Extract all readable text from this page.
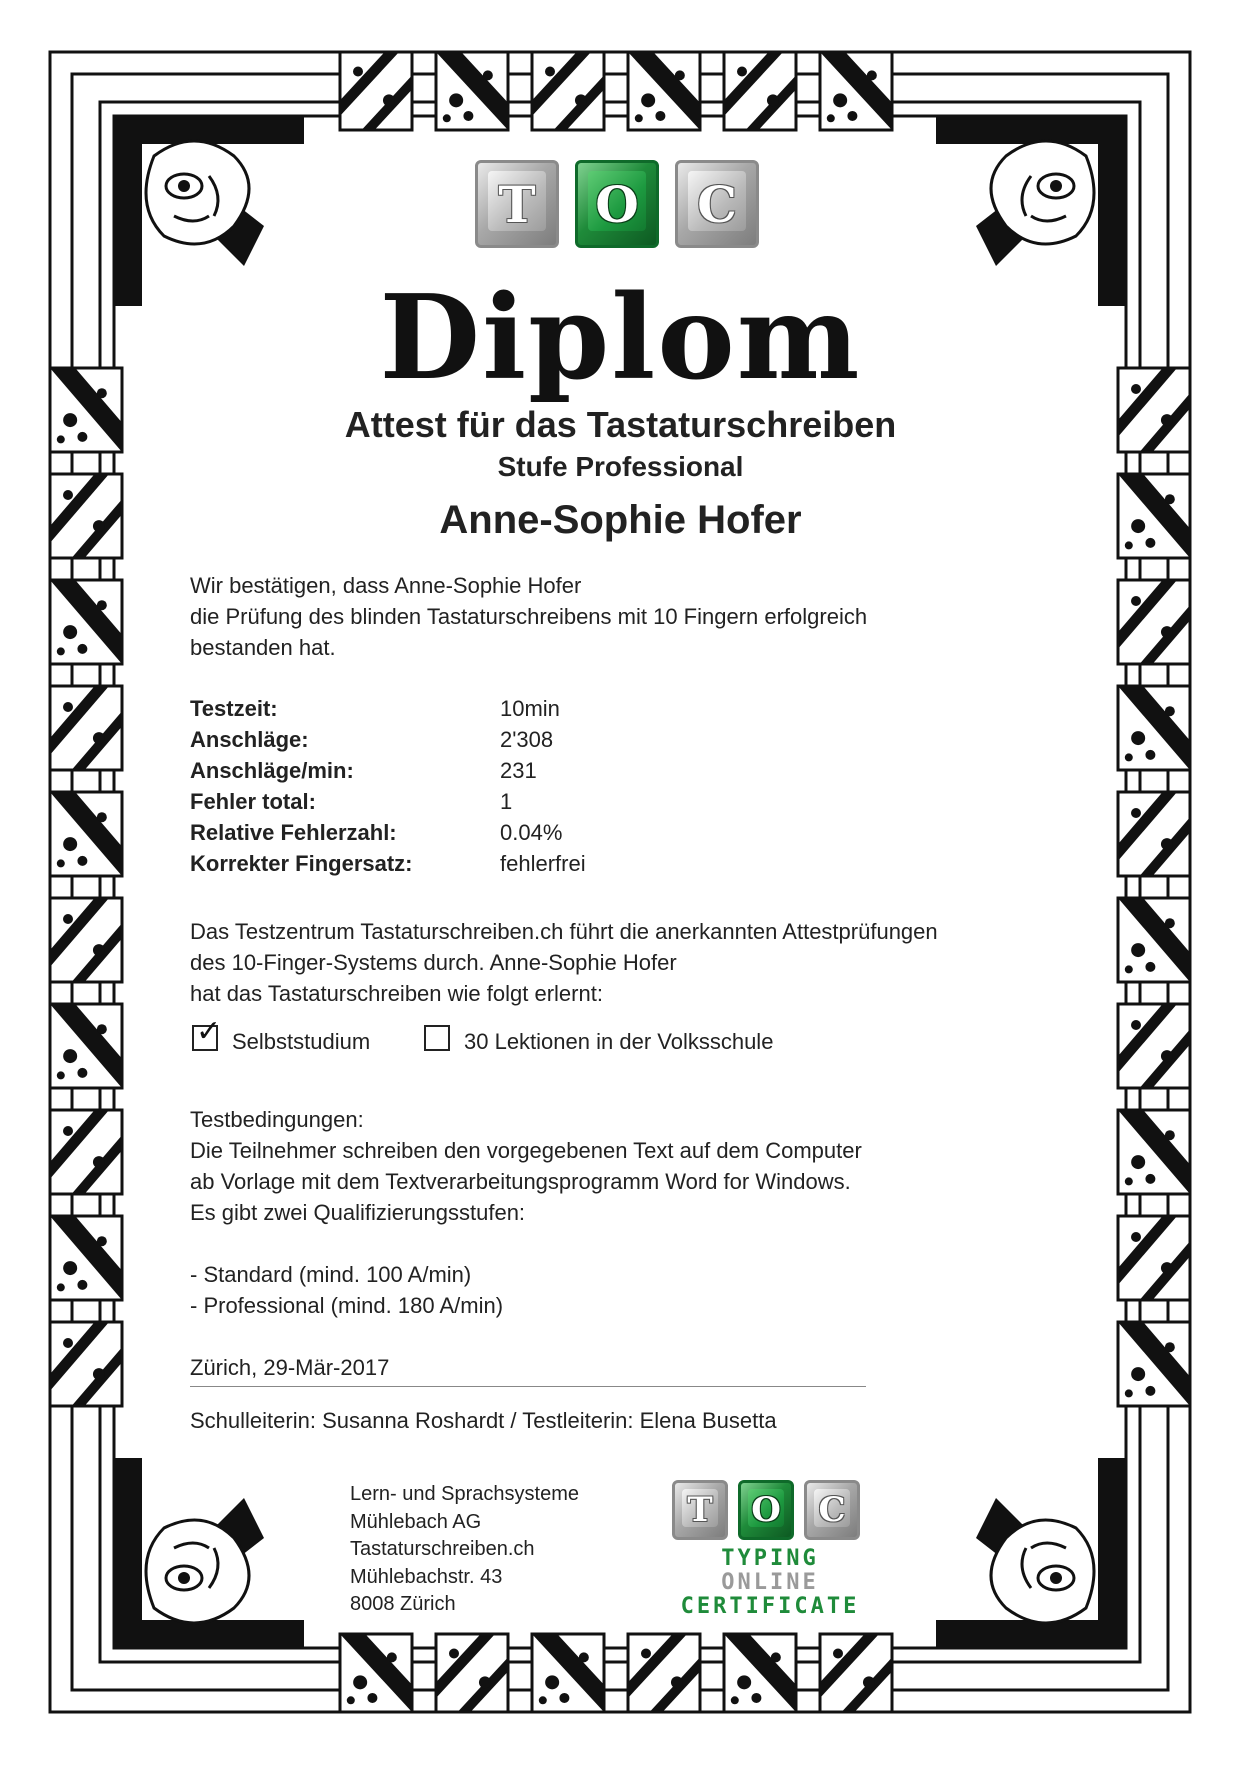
T O C
Diplom
Attest für das Tastaturschreiben
Stufe Professional
Anne-Sophie Hofer
Wir bestätigen, dass Anne-Sophie Hofer
die Prüfung des blinden Tastaturschreibens mit 10 Fingern erfolgreich
bestanden hat.
Testzeit:	10min
Anschläge:	2'308
Anschläge/min:	231
Fehler total:	1
Relative Fehlerzahl:	0.04%
Korrekter Fingersatz:	fehlerfrei
Das Testzentrum Tastaturschreiben.ch führt die anerkannten Attestprüfungen
des 10-Finger-Systems durch. Anne-Sophie Hofer
hat das Tastaturschreiben wie folgt erlernt:
✓ Selbststudium	30 Lektionen in der Volksschule
Testbedingungen:
Die Teilnehmer schreiben den vorgegebenen Text auf dem Computer
ab Vorlage mit dem Textverarbeitungsprogramm Word for Windows.
Es gibt zwei Qualifizierungsstufen:
- Standard (mind. 100 A/min)
- Professional (mind. 180 A/min)
Zürich, 29-Mär-2017
Schulleiterin: Susanna Roshardt / Testleiterin: Elena Busetta
Lern- und Sprachsysteme
Mühlebach AG
Tastaturschreiben.ch
Mühlebachstr. 43
8008 Zürich
T O C
TYPING
ONLINE
CERTIFICATE
